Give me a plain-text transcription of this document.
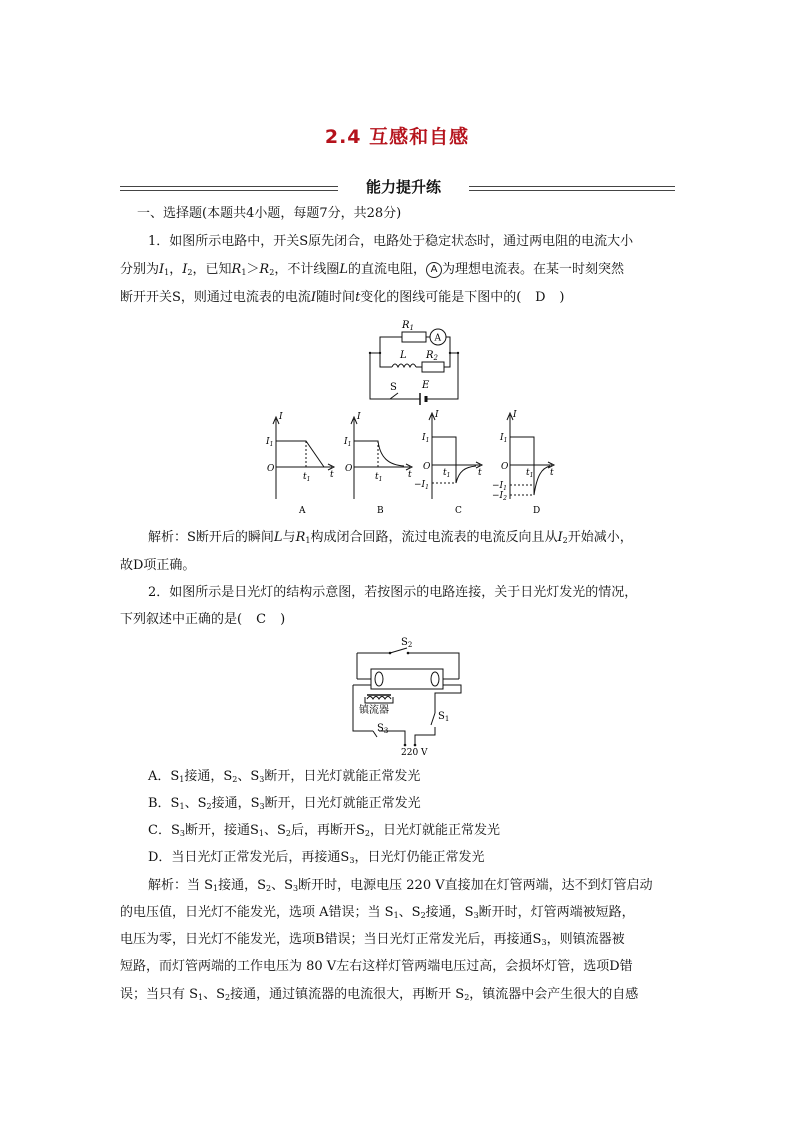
2.4 互感和自感
能力提升练
一、选择题(本题共4小题，每题7分，共28分)
1．如图所示电路中，开关S原先闭合，电路处于稳定状态时，通过两电阻的电流大小
分别为$I_1$，$I_2$，已知$R_1>R_2$，不计线圈L的直流电阻， A 为理想电流表。在某一时刻突然
断开开关S，则通过电流表的电流I随时间t变化的图线可能是下图中的( D )
$R_1$
A
L $R_2$
S	E
I
$I_1$
O
$t_1$ t
A
I
$I_1$
O
$t_1$	t
B
I
$I_1$
O
$t_1$	t
$-I_1$
C
I
$I_1$
O
$t_1$ t
$-I_1$
$-I_2$
D
解析：S断开后的瞬间L与$R_1$构成闭合回路，流过电流表的电流反向且从$I_2$开始减小，
故D项正确。
2．如图所示是日光灯的结构示意图，若按图示的电路连接，关于日光灯发光的情况，
下列叙述中正确的是( C )
$S_2$
镇流器
$S_1$
$S_3$
220 V
A．$S_1$接通，$S_2$、$S_3$断开，日光灯就能正常发光
B．$S_1$、$S_2$接通，$S_3$断开，日光灯就能正常发光
C．$S_3$断开，接通$S_1$、$S_2$后，再断开$S_2$，日光灯就能正常发光
D．当日光灯正常发光后，再接通$S_3$，日光灯仍能正常发光
解析：当 $S_1$接通，$S_2$、$S_3$断开时，电源电压 220 V直接加在灯管两端，达不到灯管启动
的电压值，日光灯不能发光，选项 A错误；当 $S_1$、$S_2$接通，$S_3$断开时，灯管两端被短路，
电压为零，日光灯不能发光，选项B错误；当日光灯正常发光后，再接通$S_3$，则镇流器被
短路，而灯管两端的工作电压为 80 V左右这样灯管两端电压过高，会损坏灯管，选项D错
误；当只有 $S_1$、$S_2$接通，通过镇流器的电流很大，再断开 $S_2$，镇流器中会产生很大的自感
